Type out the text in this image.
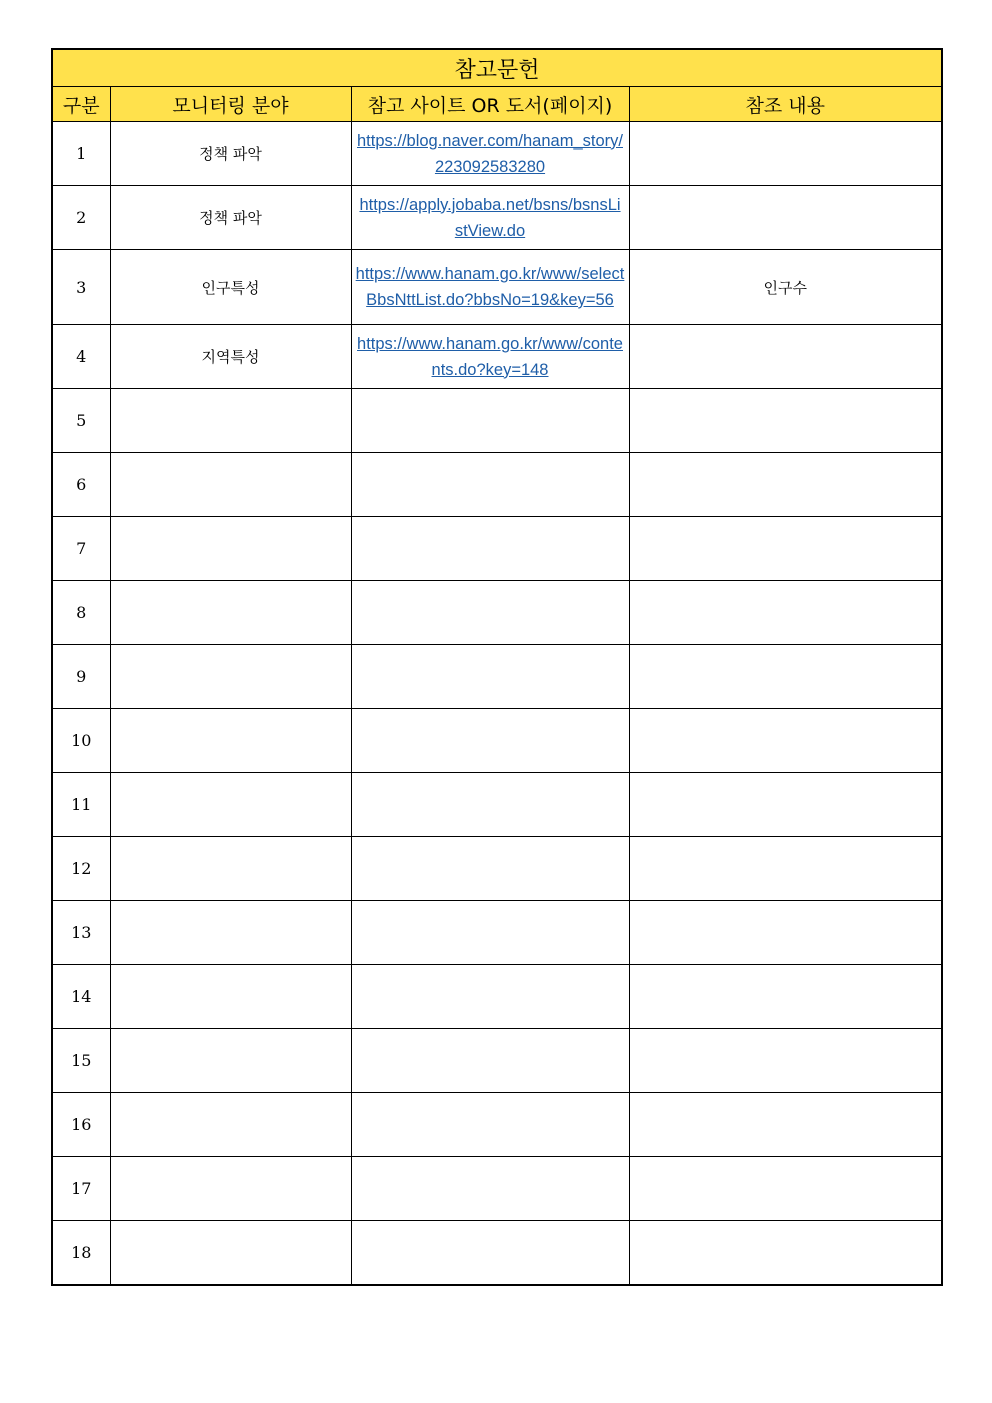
참고문헌			
구분	모니터링 분야	참고 사이트 OR 도서(페이지)	참조 내용
1	정책 파악	https://blog.naver.com/hanam_story/223092583280	
2	정책 파악	https://apply.jobaba.net/bsns/bsnsListView.do	
3	인구특성	https://www.hanam.go.kr/www/selectBbsNttList.do?bbsNo=19&key=56	인구수
4	지역특성	https://www.hanam.go.kr/www/contents.do?key=148	
5			
6			
7			
8			
9			
10			
11			
12			
13			
14			
15			
16			
17			
18			
